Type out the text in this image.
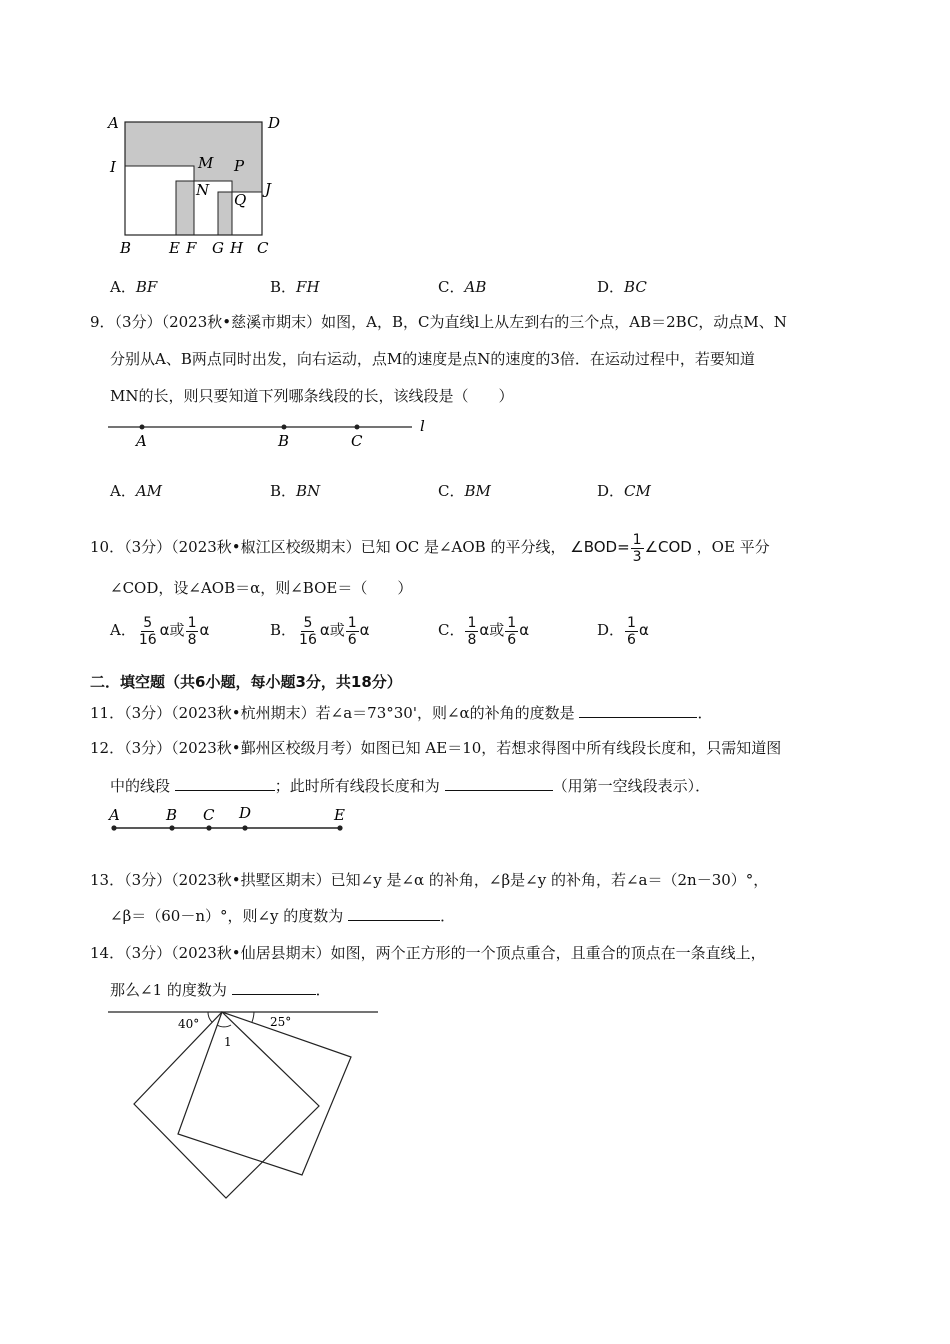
A	D
I	M P
N	J
Q
B	E F G H C
A．BF	B．FH	C．AB	D．BC
9．（3分）（2023秋•慈溪市期末）如图，A，B，C为直线l上从左到右的三个点，AB＝2BC，动点M、N
分别从A、B两点同时出发，向右运动，点M的速度是点N的速度的3倍．在运动过程中，若要知道
MN的长，则只要知道下列哪条线段的长，该线段是（　　）
A	B	C
l
A．AM	B．BN	C．BM	D．CM
10．（3分）（2023秋•椒江区校级期末）已知 OC 是∠AOB 的平分线， ∠BOD= $\frac{1}{3}$ ∠COD ，OE 平分
∠COD，设∠AOB＝α，则∠BOE＝（　　）
A． $\frac{5}{16}$ α或 $\frac{1}{8}$ α	B． $\frac{5}{16}$ α或 $\frac{1}{6}$ α	C． $\frac{1}{8}$ α或 $\frac{1}{6}$ α	D． $\frac{1}{6}$ α
二．填空题（共6小题，每小题3分，共18分）
11．（3分）（2023秋•杭州期末）若∠a＝73°30'，则∠α的补角的度数是	．
12．（3分）（2023秋•鄞州区校级月考）如图已知 AE＝10，若想求得图中所有线段长度和，只需知道图
中的线段	；此时所有线段长度和为	（用第一空线段表示）．
A	B C D	E
13．（3分）（2023秋•拱墅区期末）已知∠y 是∠α 的补角，∠β是∠y 的补角，若∠a＝（2n－30）°，
∠β＝（60－n）°，则∠y 的度数为	．
14．（3分）（2023秋•仙居县期末）如图，两个正方形的一个顶点重合，且重合的顶点在一条直线上，
那么∠1 的度数为	．
40°	25°
1
